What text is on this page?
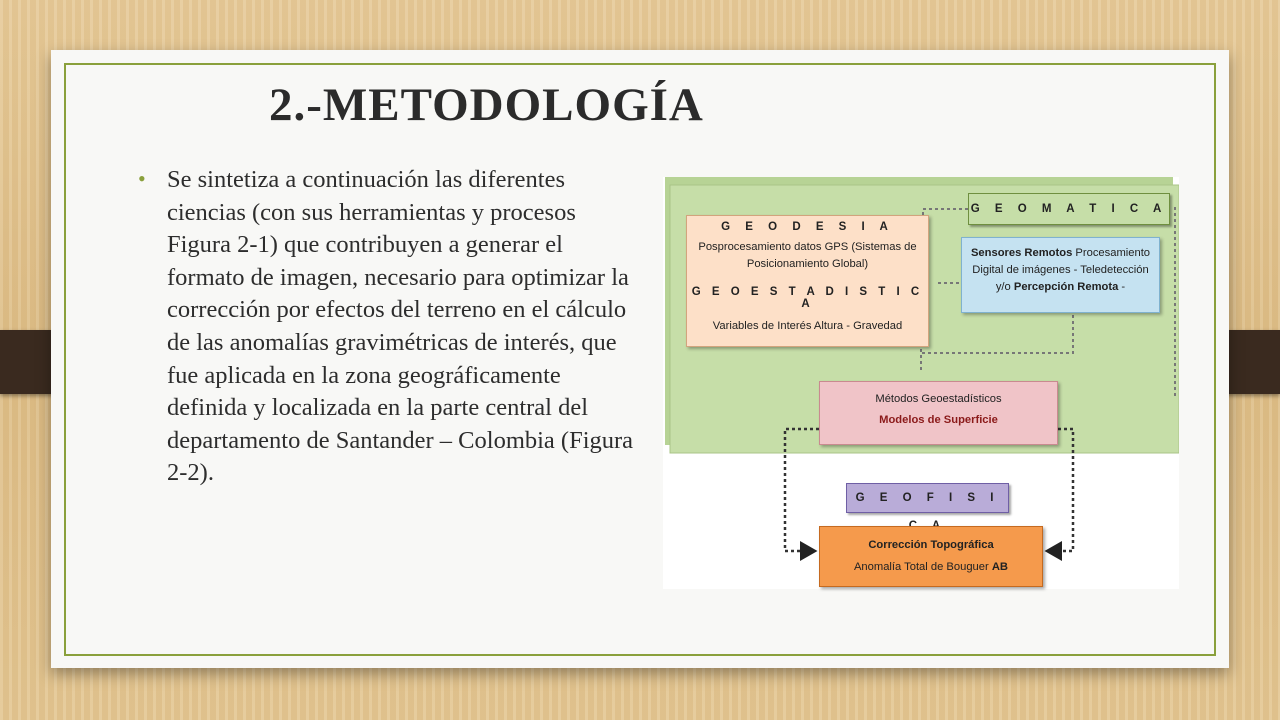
2.-METODOLOGÍA
• Se sintetiza a continuación las diferentes ciencias (con sus herramientas y procesos Figura 2-1) que contribuyen a generar el formato de imagen, necesario para optimizar la corrección por efectos del terreno en el cálculo de las anomalías gravimétricas de interés, que fue aplicada en la zona geográficamente definida y localizada en la parte central del departamento de Santander – Colombia (Figura 2-2).

G E O M A T I C A
G E O D E S I A
Posprocesamiento datos GPS (Sistemas de Posicionamiento Global)
G E O E S T A D I S T I C A
Variables de Interés Altura - Gravedad
Sensores Remotos Procesamiento Digital de imágenes - Teledetección y/o Percepción Remota -
Métodos Geoestadísticos
Modelos de Superficie
G E O F I S I
Corrección Topográfica
Anomalía Total de Bouguer AB
